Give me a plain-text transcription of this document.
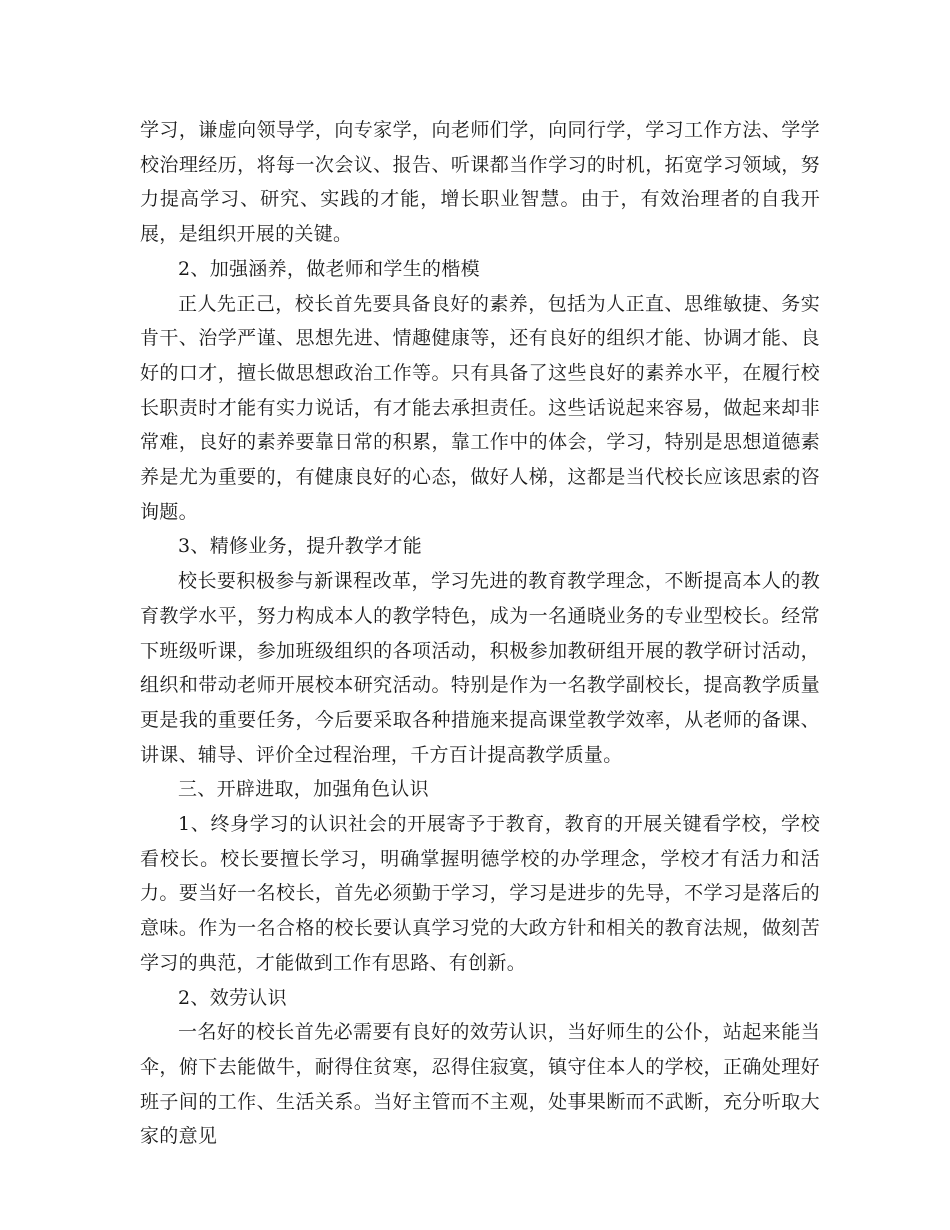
学习，谦虚向领导学，向专家学，向老师们学，向同行学，学习工作方法、学学校治理经历，将每一次会议、报告、听课都当作学习的时机，拓宽学习领域，努力提高学习、研究、实践的才能，增长职业智慧。由于，有效治理者的自我开展，是组织开展的关键。

2、加强涵养，做老师和学生的楷模

正人先正己，校长首先要具备良好的素养，包括为人正直、思维敏捷、务实肯干、治学严谨、思想先进、情趣健康等，还有良好的组织才能、协调才能、良好的口才，擅长做思想政治工作等。只有具备了这些良好的素养水平，在履行校长职责时才能有实力说话，有才能去承担责任。这些话说起来容易，做起来却非常难，良好的素养要靠日常的积累，靠工作中的体会，学习，特别是思想道德素养是尤为重要的，有健康良好的心态，做好人梯，这都是当代校长应该思索的咨询题。

3、精修业务，提升教学才能

校长要积极参与新课程改革，学习先进的教育教学理念，不断提高本人的教育教学水平，努力构成本人的教学特色，成为一名通晓业务的专业型校长。经常下班级听课，参加班级组织的各项活动，积极参加教研组开展的教学研讨活动，组织和带动老师开展校本研究活动。特别是作为一名教学副校长，提高教学质量更是我的重要任务，今后要采取各种措施来提高课堂教学效率，从老师的备课、讲课、辅导、评价全过程治理，千方百计提高教学质量。

三、开辟进取，加强角色认识

1、终身学习的认识社会的开展寄予于教育，教育的开展关键看学校，学校看校长。校长要擅长学习，明确掌握明德学校的办学理念，学校才有活力和活力。要当好一名校长，首先必须勤于学习，学习是进步的先导，不学习是落后的意味。作为一名合格的校长要认真学习党的大政方针和相关的教育法规，做刻苦学习的典范，才能做到工作有思路、有创新。

2、效劳认识

一名好的校长首先必需要有良好的效劳认识，当好师生的公仆，站起来能当伞，俯下去能做牛，耐得住贫寒，忍得住寂寞，镇守住本人的学校，正确处理好班子间的工作、生活关系。当好主管而不主观，处事果断而不武断，充分听取大家的意见
